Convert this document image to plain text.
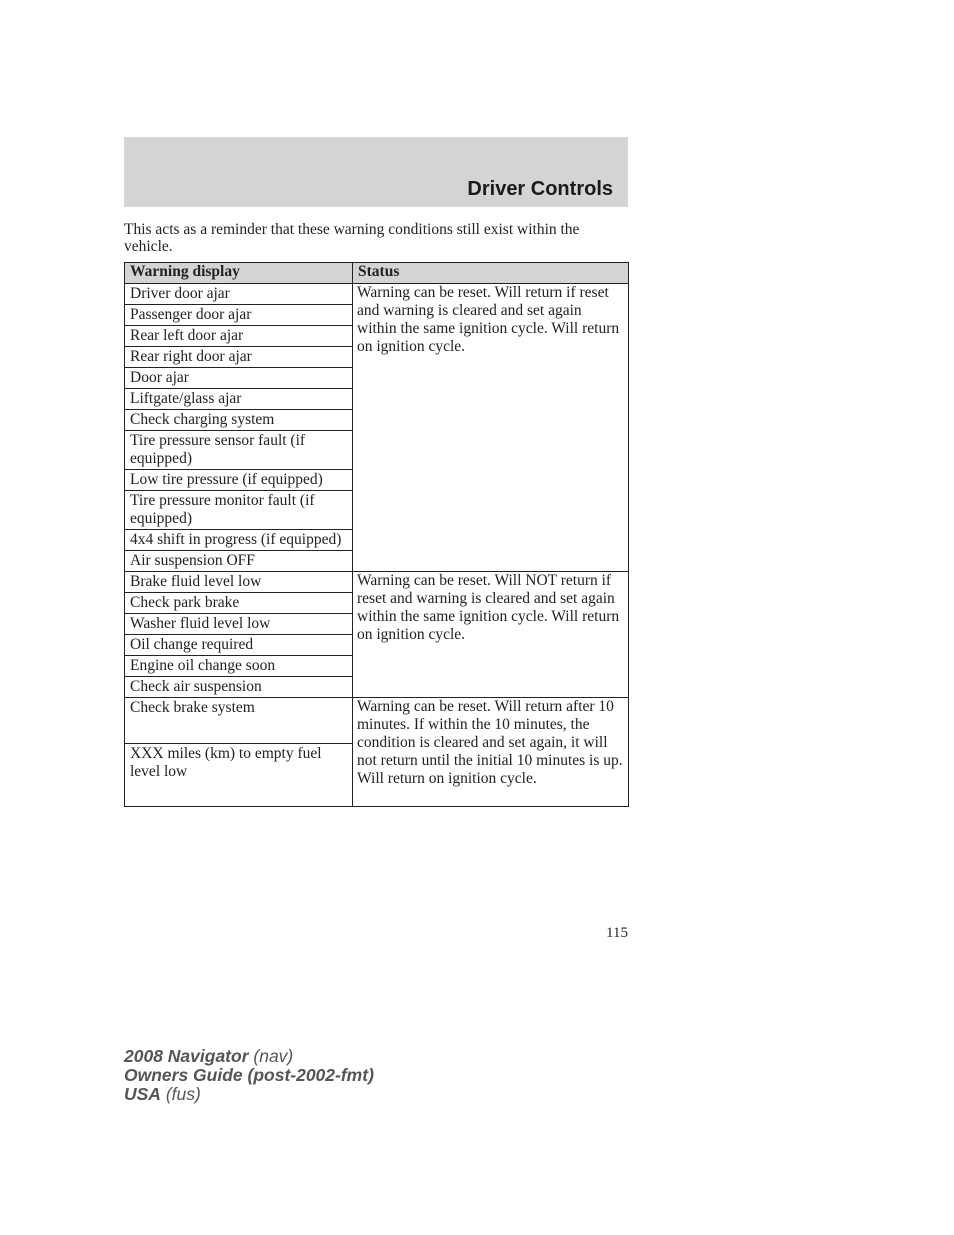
Driver Controls
This acts as a reminder that these warning conditions still exist within the vehicle.
Warning display	Status
Driver door ajar	Warning can be reset. Will return if reset and warning is cleared and set again within the same ignition cycle. Will return on ignition cycle.
Passenger door ajar	
Rear left door ajar	
Rear right door ajar	
Door ajar	
Liftgate/glass ajar	
Check charging system	
Tire pressure sensor fault (if equipped)	
Low tire pressure (if equipped)	
Tire pressure monitor fault (if equipped)	
4x4 shift in progress (if equipped)	
Air suspension OFF	
Brake fluid level low	Warning can be reset. Will NOT return if reset and warning is cleared and set again within the same ignition cycle. Will return on ignition cycle.
Check park brake	
Washer fluid level low	
Oil change required	
Engine oil change soon	
Check air suspension	
Check brake system	Warning can be reset. Will return after 10 minutes. If within the 10 minutes, the condition is cleared and set again, it will not return until the initial 10 minutes is up. Will return on ignition cycle.
XXX miles (km) to empty fuel level low	
115
2008 Navigator (nav)
Owners Guide (post-2002-fmt)
USA (fus)
